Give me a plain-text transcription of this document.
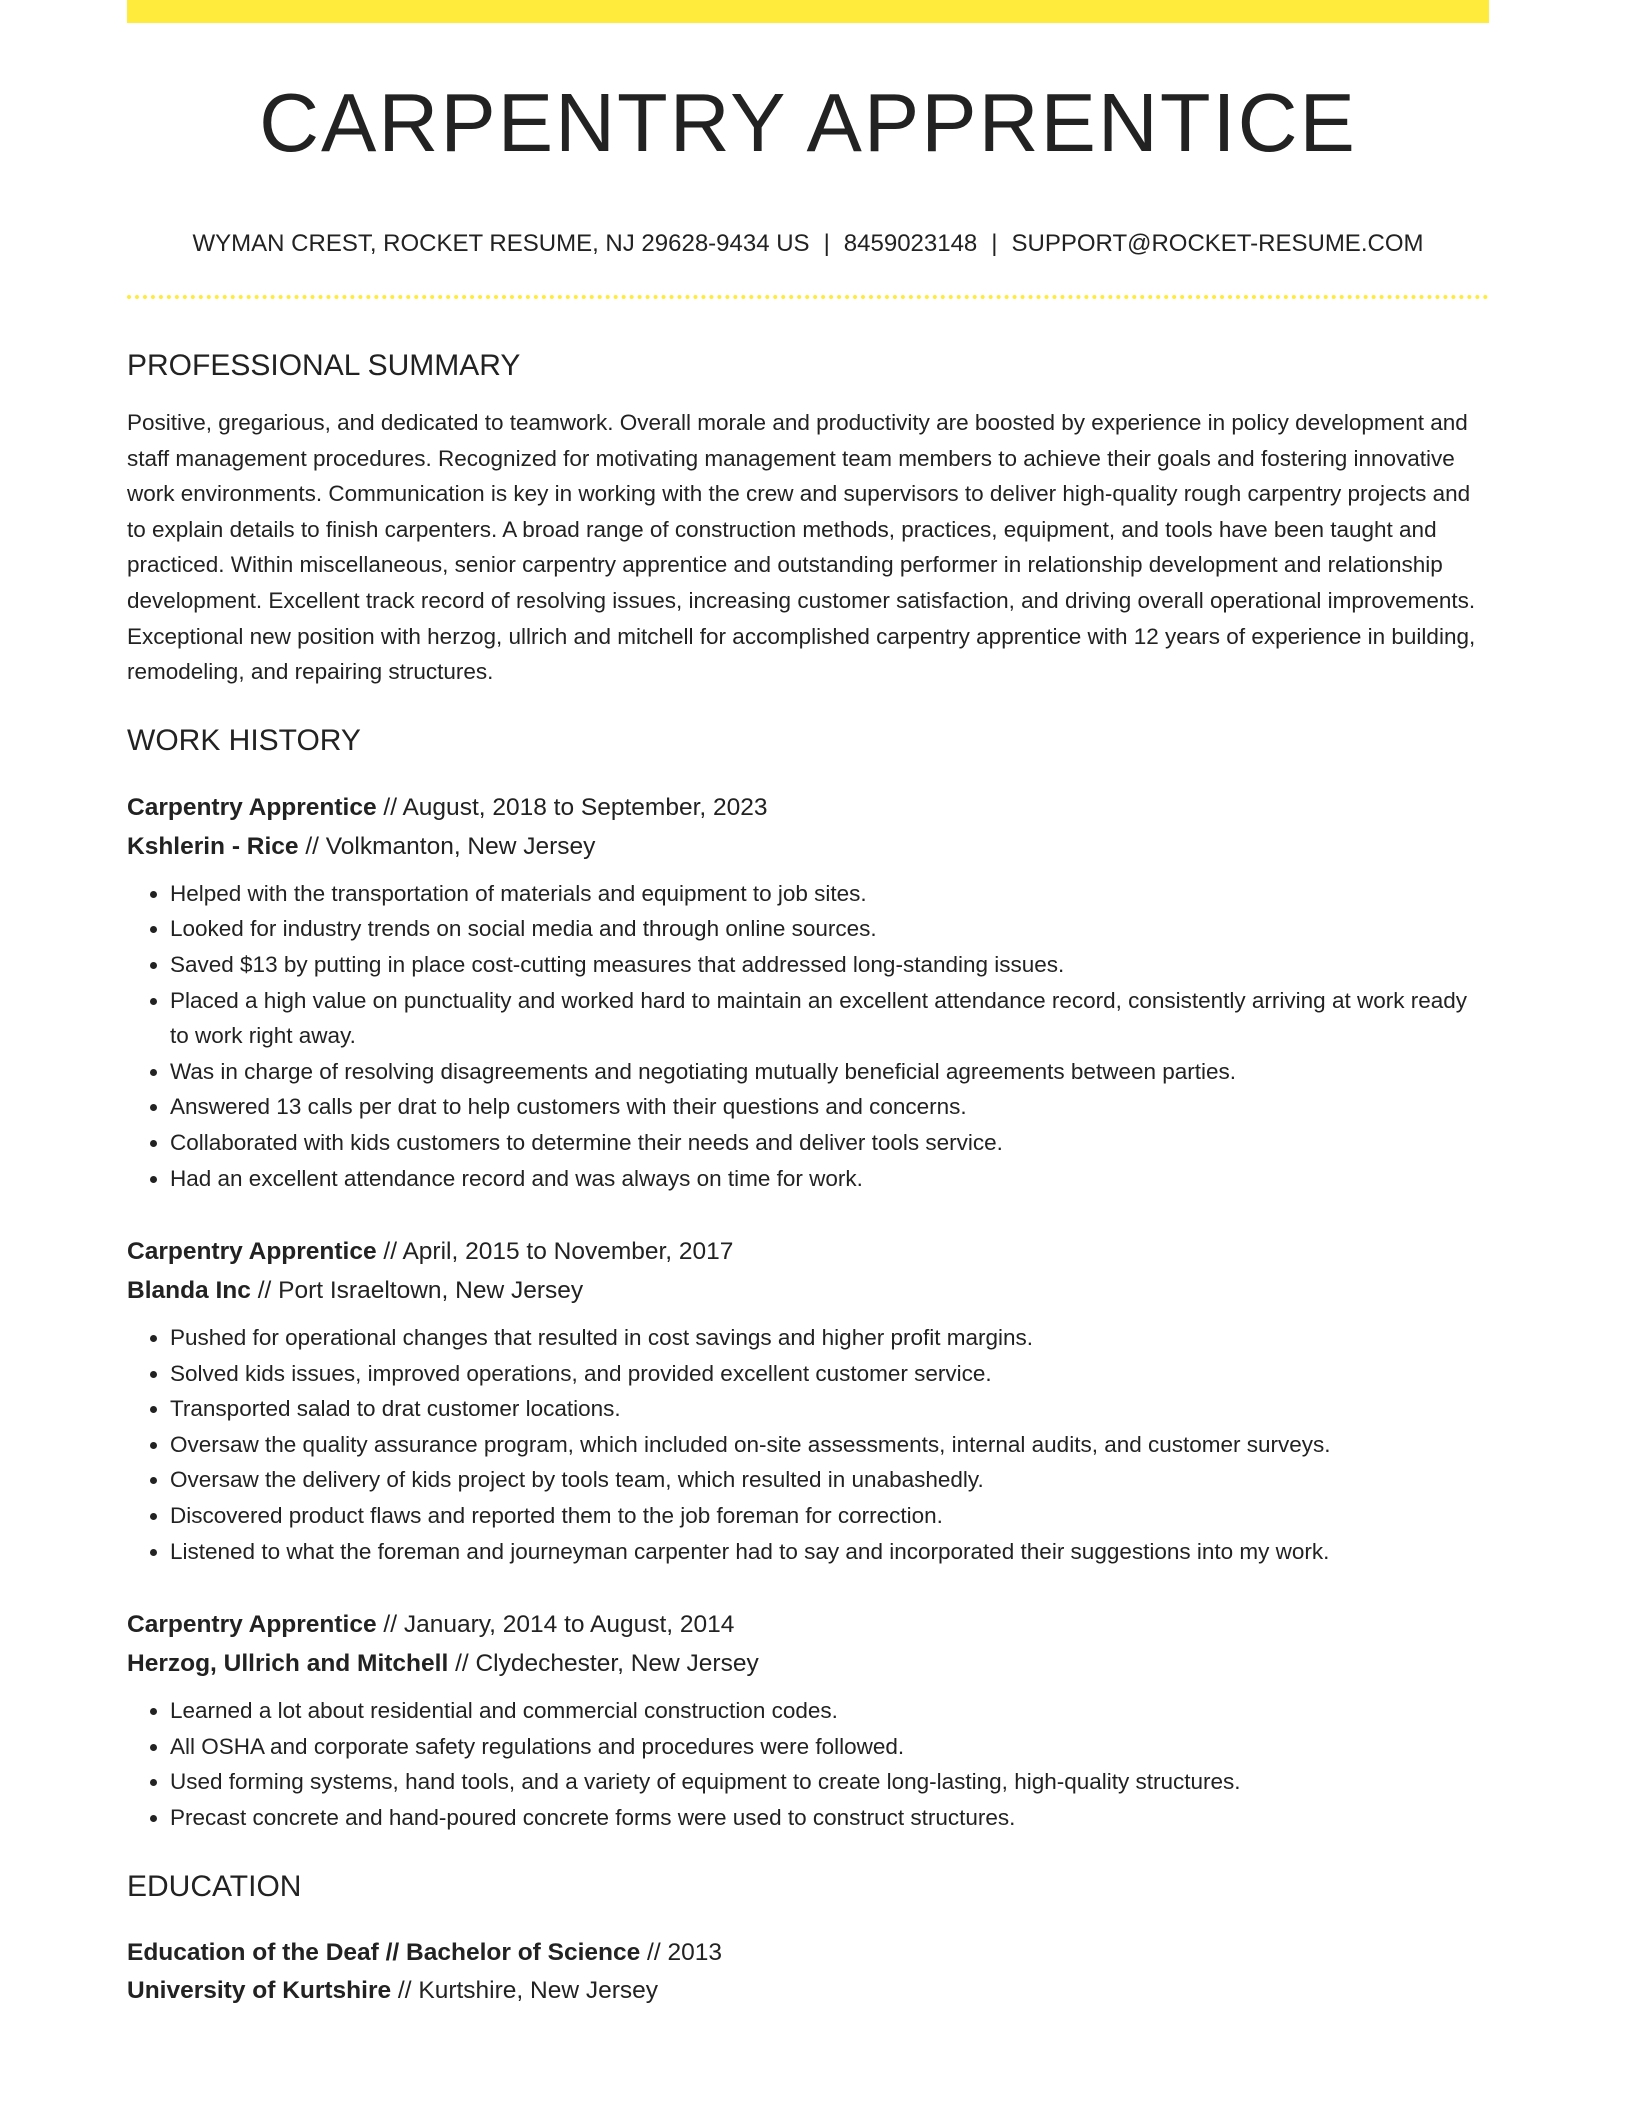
CARPENTRY APPRENTICE
WYMAN CREST, ROCKET RESUME, NJ 29628-9434 US | 8459023148 | SUPPORT@ROCKET-RESUME.COM
PROFESSIONAL SUMMARY
Positive, gregarious, and dedicated to teamwork. Overall morale and productivity are boosted by experience in policy development and staff management procedures. Recognized for motivating management team members to achieve their goals and fostering innovative work environments. Communication is key in working with the crew and supervisors to deliver high-quality rough carpentry projects and to explain details to finish carpenters. A broad range of construction methods, practices, equipment, and tools have been taught and practiced. Within miscellaneous, senior carpentry apprentice and outstanding performer in relationship development and relationship development. Excellent track record of resolving issues, increasing customer satisfaction, and driving overall operational improvements. Exceptional new position with herzog, ullrich and mitchell for accomplished carpentry apprentice with 12 years of experience in building, remodeling, and repairing structures.
WORK HISTORY
Carpentry Apprentice // August, 2018 to September, 2023
Kshlerin - Rice // Volkmanton, New Jersey
• Helped with the transportation of materials and equipment to job sites.
• Looked for industry trends on social media and through online sources.
• Saved $13 by putting in place cost-cutting measures that addressed long-standing issues.
• Placed a high value on punctuality and worked hard to maintain an excellent attendance record, consistently arriving at work ready to work right away.
• Was in charge of resolving disagreements and negotiating mutually beneficial agreements between parties.
• Answered 13 calls per drat to help customers with their questions and concerns.
• Collaborated with kids customers to determine their needs and deliver tools service.
• Had an excellent attendance record and was always on time for work.
Carpentry Apprentice // April, 2015 to November, 2017
Blanda Inc // Port Israeltown, New Jersey
• Pushed for operational changes that resulted in cost savings and higher profit margins.
• Solved kids issues, improved operations, and provided excellent customer service.
• Transported salad to drat customer locations.
• Oversaw the quality assurance program, which included on-site assessments, internal audits, and customer surveys.
• Oversaw the delivery of kids project by tools team, which resulted in unabashedly.
• Discovered product flaws and reported them to the job foreman for correction.
• Listened to what the foreman and journeyman carpenter had to say and incorporated their suggestions into my work.
Carpentry Apprentice // January, 2014 to August, 2014
Herzog, Ullrich and Mitchell // Clydechester, New Jersey
• Learned a lot about residential and commercial construction codes.
• All OSHA and corporate safety regulations and procedures were followed.
• Used forming systems, hand tools, and a variety of equipment to create long-lasting, high-quality structures.
• Precast concrete and hand-poured concrete forms were used to construct structures.
EDUCATION
Education of the Deaf // Bachelor of Science // 2013
University of Kurtshire // Kurtshire, New Jersey
